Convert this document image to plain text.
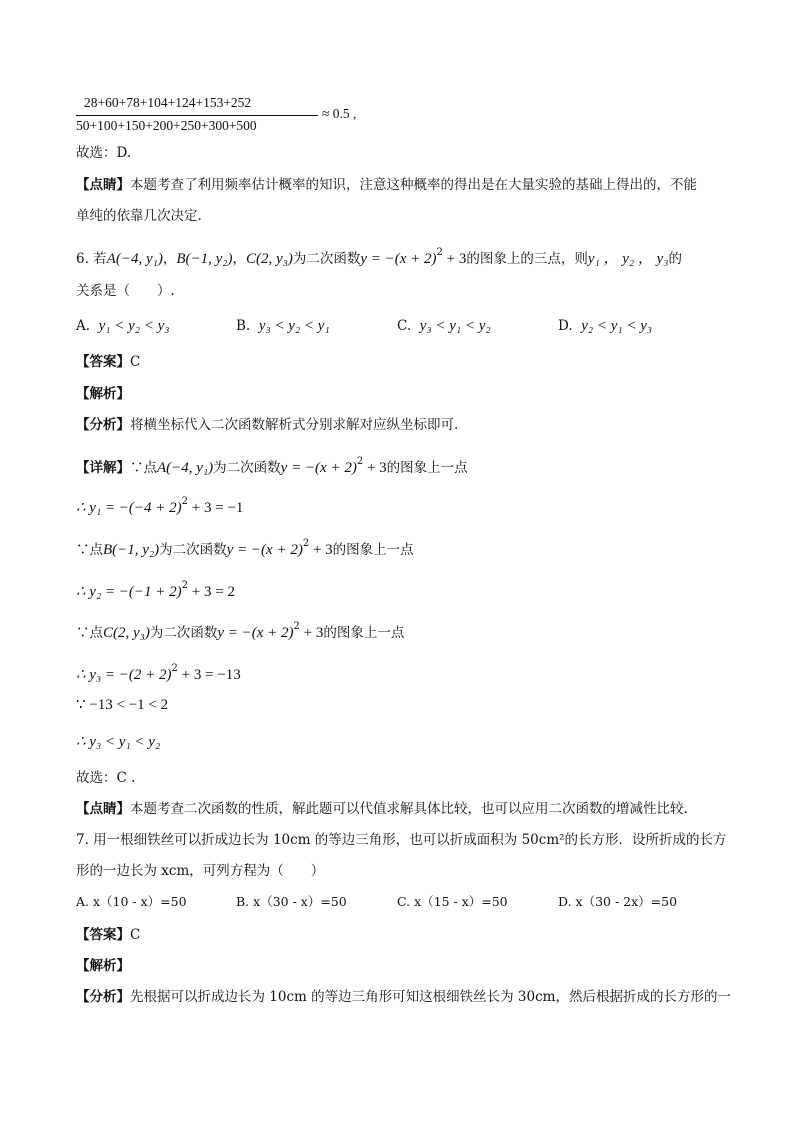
28+60+78+104+124+153+252
50+100+150+200+250+300+500
≈ 0.5 ,
故选：D.
【点睛】本题考查了利用频率估计概率的知识，注意这种概率的得出是在大量实验的基础上得出的，不能
单纯的依靠几次决定.
6. 若A(−4, y₁)，B(−1, y₂)，C(2, y₃)为二次函数$y = -(x + 2)^2 + 3$的图象上的三点，则y₁ ， y₂ ， y₃的
关系是（　　）.
A. y₁ < y₂ < y₃	B. y₃ < y₂ < y₁	C. y₃ < y₁ < y₂	D. y₂ < y₁ < y₃
【答案】C
【解析】
【分析】将横坐标代入二次函数解析式分别求解对应纵坐标即可.
【详解】∵点A(−4, y₁)为二次函数$y = -(x + 2)^2 + 3$的图象上一点
∴ $y_1 = -(-4 + 2)^2 + 3 = -1$
∵点B(−1, y₂)为二次函数$y = -(x + 2)^2 + 3$的图象上一点
∴ $y_2 = -(-1 + 2)^2 + 3 = 2$
∵点C(2, y₃)为二次函数$y = -(x + 2)^2 + 3$的图象上一点
∴ $y_3 = -(2 + 2)^2 + 3 = -13$
∵ −13 < −1 < 2
∴ y₃ < y₁ < y₂
故选：C .
【点睛】本题考查二次函数的性质，解此题可以代值求解具体比较，也可以应用二次函数的增减性比较.
7. 用一根细铁丝可以折成边长为 10cm 的等边三角形，也可以折成面积为 50cm²的长方形．设所折成的长方
形的一边长为 xcm，可列方程为（　　）
A. x（10 - x）=50	B. x（30 - x）=50	C. x（15 - x）=50	D. x（30 - 2x）=50
【答案】C
【解析】
【分析】先根据可以折成边长为 10cm 的等边三角形可知这根细铁丝长为 30cm，然后根据折成的长方形的一
